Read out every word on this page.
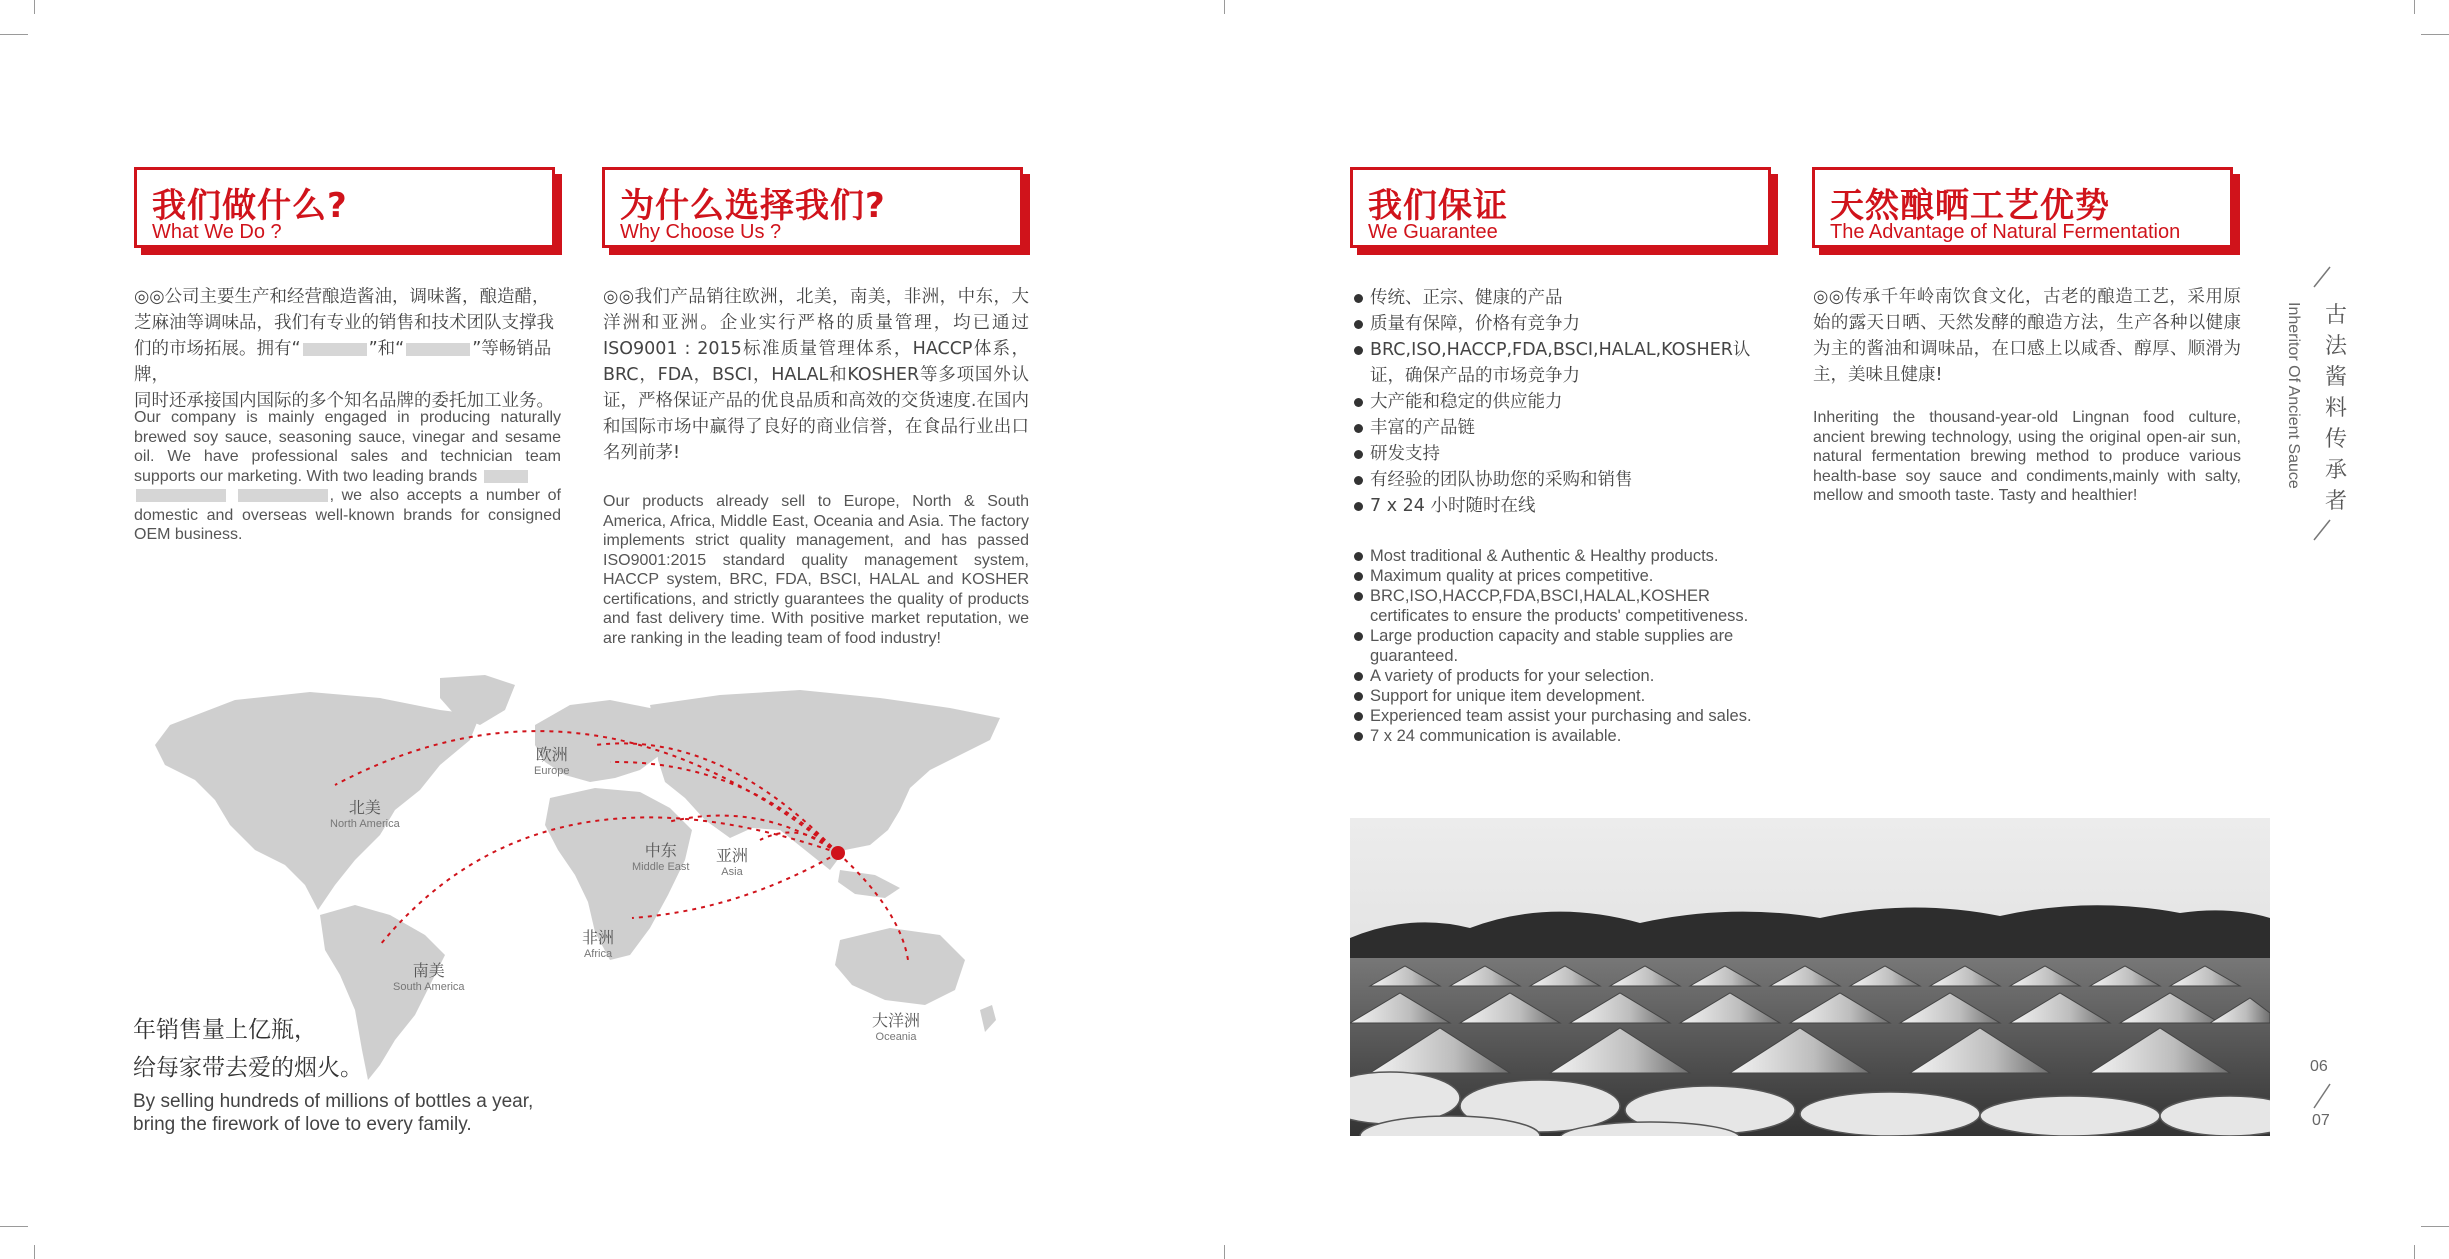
我们做什么?
What We Do ?
◎◎公司主要生产和经营酿造酱油，调味酱，酿造醋，
芝麻油等调味品，我们有专业的销售和技术团队支撑我
们的市场拓展。拥有“	”和“	”等畅销品牌，
同时还承接国内国际的多个知名品牌的委托加工业务。

Our company is mainly engaged in producing naturally brewed soy sauce, seasoning sauce, vinegar and sesame oil. We have professional sales and technician team supports our marketing. With two leading brands
, we also accepts a number of domestic and overseas well-known brands for consigned OEM business.

为什么选择我们?
Why Choose Us ?

◎◎我们产品销往欧洲，北美，南美，非洲，中东，大洋洲和亚洲。企业实行严格的质量管理，均已通过ISO9001 : 2015标准质量管理体系，HACCP体系，BRC，FDA，BSCI，HALAL和KOSHER等多项国外认证，严格保证产品的优良品质和高效的交货速度.在国内和国际市场中赢得了良好的商业信誉，在食品行业出口名列前茅!

Our products already sell to Europe, North & South America, Africa, Middle East, Oceania and Asia. The factory implements strict quality management, and has passed ISO9001:2015 standard quality management system, HACCP system, BRC, FDA, BSCI, HALAL and KOSHER certifications, and strictly guarantees the quality of products and fast delivery time. With positive market reputation, we are ranking in the leading team of food industry!

欧洲
Europe
北美
North America
中东
Middle East
亚洲
Asia
非洲
Africa
南美
South America
大洋洲
Oceania
年销售量上亿瓶，
给每家带去爱的烟火。
By selling hundreds of millions of bottles a year,
bring the firework of love to every family.
我们保证
We Guarantee
传统、正宗、健康的产品
质量有保障，价格有竞争力
BRC,ISO,HACCP,FDA,BSCI,HALAL,KOSHER认证，确保产品的市场竞争力
大产能和稳定的供应能力
丰富的产品链
研发支持
有经验的团队协助您的采购和销售
7 x 24 小时随时在线
Most traditional & Authentic & Healthy products.
Maximum quality at prices competitive.
BRC,ISO,HACCP,FDA,BSCI,HALAL,KOSHER certificates to ensure the products' competitiveness.
Large production capacity and stable supplies are guaranteed.
A variety of products for your selection.
Support for unique item development.
Experienced team assist your purchasing and sales.
7 x 24 communication is available.
天然酿晒工艺优势
The Advantage of Natural Fermentation

◎◎传承千年岭南饮食文化，古老的酿造工艺，采用原始的露天日晒、天然发酵的酿造方法，生产各种以健康为主的酱油和调味品，在口感上以咸香、醇厚、顺滑为主，美味且健康!

Inheriting the thousand-year-old Lingnan food culture, ancient brewing technology, using the original open-air sun, natural fermentation brewing method to produce various health-base soy sauce and condiments,mainly with salty, mellow and smooth taste. Tasty and healthier!

古
法
酱
料
传
承
者
Inheritor Of Ancient Sauce
06
07
